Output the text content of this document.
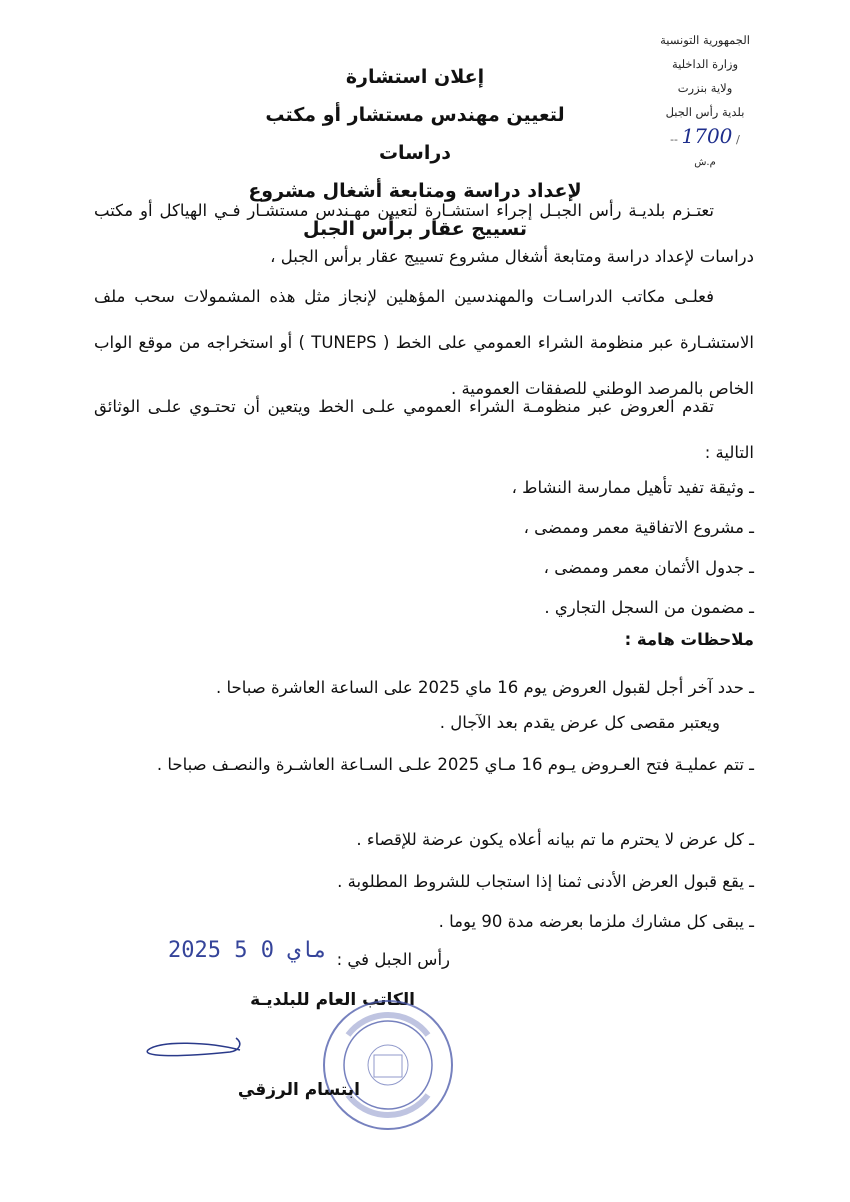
الجمهورية التونسية
وزارة الداخلية
ولاية بنزرت
بلدية رأس الجبل
-- 1700 /
م.ش
إعلان استشارة
لتعيين مهندس مستشار أو مكتب دراسات
لإعداد دراسة ومتابعة أشغال مشروع
تسييج عقار برأس الجبل
تعتـزم بلديـة رأس الجبـل إجراء استشـارة لتعيين مهـندس مستشـار فـي الهياكل أو مكتب دراسات لإعداد دراسة ومتابعة أشغال مشروع تسييج عقار برأس الجبل ،
فعلـى مكاتب الدراسـات والمهندسين المؤهلين لإنجاز مثل هذه المشمولات سحب ملف الاستشـارة عبر منظومة الشراء العمومي على الخط ( TUNEPS ) أو استخراجه من موقع الواب الخاص بالمرصد الوطني للصفقات العمومية .
تقدم العروض عبر منظومـة الشراء العمومي علـى الخط ويتعين أن تحتـوي علـى الوثائق التالية :
ـ وثيقة تفيد تأهيل ممارسة النشاط ،
ـ مشروع الاتفاقية معمر وممضى ،
ـ جدول الأثمان معمر وممضى ،
ـ مضمون من السجل التجاري .
ملاحظات هامة :
ـ حدد آخر أجل لقبول العروض يوم 16 ماي 2025 على الساعة العاشرة صباحا .
ويعتبر مقصى كل عرض يقدم بعد الآجال .
ـ تتم عمليـة فتح العـروض يـوم 16 مـاي 2025 علـى السـاعة العاشـرة والنصـف صباحا .
ـ كل عرض لا يحترم ما تم بيانه أعلاه يكون عرضة للإقصاء .
ـ يقع قبول العرض الأدنى ثمنا إذا استجاب للشروط المطلوبة .
ـ يبقى كل مشارك ملزما بعرضه مدة 90 يوما .
رأس الجبل في :
2025 ماي 0 5
الكاتب العام للبلديـة
ابتسام الرزقي
